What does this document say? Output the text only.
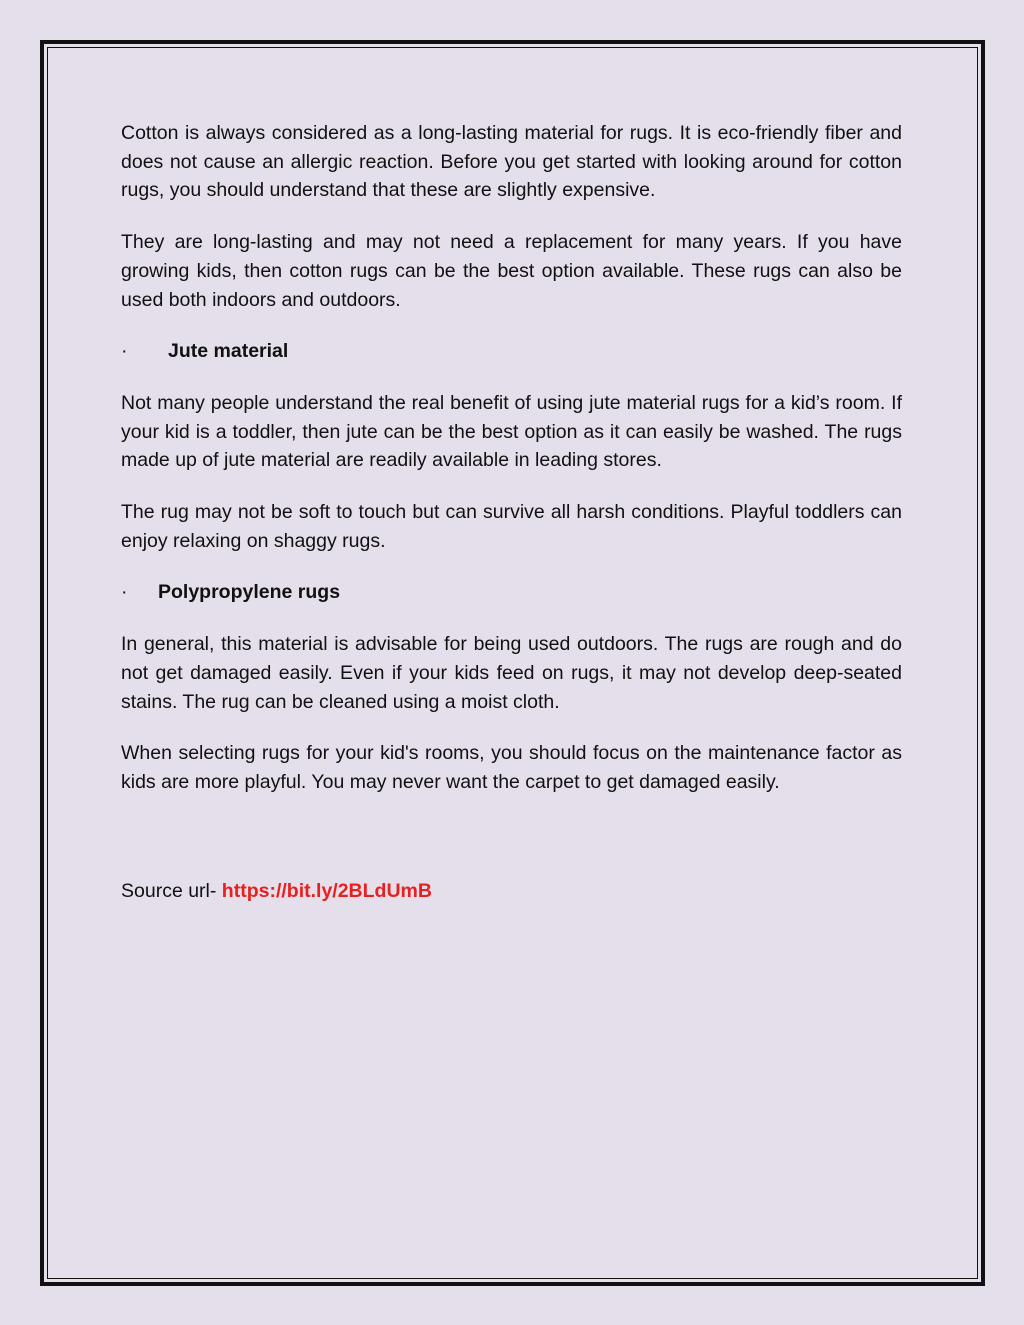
Cotton is always considered as a long-lasting material for rugs. It is eco-friendly fiber and does not cause an allergic reaction. Before you get started with looking around for cotton rugs, you should understand that these are slightly expensive.

They are long-lasting and may not need a replacement for many years. If you have growing kids, then cotton rugs can be the best option available. These rugs can also be used both indoors and outdoors.

·	Jute material

Not many people understand the real benefit of using jute material rugs for a kid’s room. If your kid is a toddler, then jute can be the best option as it can easily be washed. The rugs made up of jute material are readily available in leading stores.

The rug may not be soft to touch but can survive all harsh conditions. Playful toddlers can enjoy relaxing on shaggy rugs.

·	Polypropylene rugs

In general, this material is advisable for being used outdoors. The rugs are rough and do not get damaged easily. Even if your kids feed on rugs, it may not develop deep-seated stains. The rug can be cleaned using a moist cloth.

When selecting rugs for your kid's rooms, you should focus on the maintenance factor as kids are more playful. You may never want the carpet to get damaged easily.

Source url- https://bit.ly/2BLdUmB
